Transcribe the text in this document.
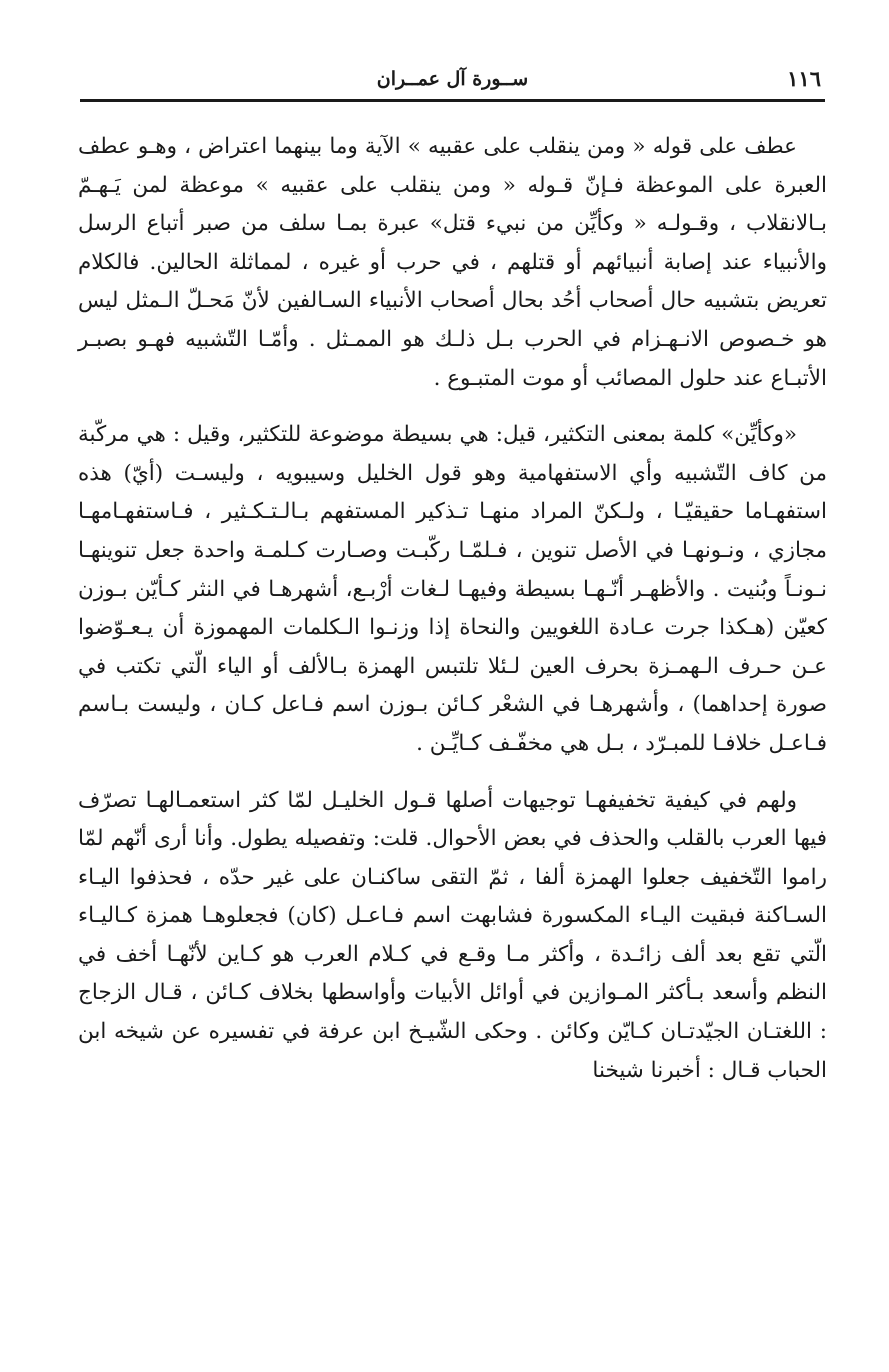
١١٦
ســورة آل عمــران

عطف على قوله « ومن ينقلب على عقبيه » الآية وما بينهما اعتراض ، وهـو عطف العبرة على الموعظة فـإنّ قـوله « ومن ينقلب على عقبيه » موعظة لمن يَـهـمّ بـالانقلاب ، وقـولـه « وكأيِّن من نبيء قتل» عبرة بمـا سلف من صبر أتباع الرسل والأنبياء عند إصابة أنبيائهم أو قتلهم ، في حرب أو غيره ، لمماثلة الحالين. فالكلام تعريض بتشبيه حال أصحاب أحُد بحال أصحاب الأنبياء السـالفين لأنّ مَحـلّ الـمثل ليس هو خـصوص الانـهـزام في الحرب بـل ذلـك هو الممـثل . وأمّـا التّشبيه فهـو بصبـر الأتبـاع عند حلول المصائب أو موت المتبـوع .

«وكأيِّن» كلمة بمعنى التكثير، قيل: هي بسيطة موضوعة للتكثير، وقيل : هي مركّبة من كاف التّشبيه وأي الاستفهامية وهو قول الخليل وسيبويه ، وليسـت (أيّ) هذه استفهـاما حقيقيّـا ، ولـكنّ المراد منهـا تـذكير المستفهم بـالـتـكـثير ، فـاستفهـامهـا مجازي ، ونـونهـا في الأصل تنوين ، فـلمّـا ركّبـت وصـارت كـلمـة واحدة جعل تنوينهـا نـونـاً وبُنيت . والأظهـر أنّـهـا بسيطة وفيهـا لـغات أرْبـع، أشهرهـا في النثر كـأيّن بـوزن كعيّن (هـكذا جرت عـادة اللغويين والنحاة إذا وزنـوا الـكلمات المهموزة أن يـعـوّضوا عـن حـرف الـهمـزة بحرف العين لـئلا تلتبس الهمزة بـالألف أو الياء الّتي تكتب في صورة إحداهما) ، وأشهرهـا في الشعْر كـائن بـوزن اسم فـاعل كـان ، وليست بـاسم فـاعـل خلافـا للمبـرّد ، بـل هي مخفّـف كـايِّـن .

ولهم في كيفية تخفيفهـا توجيهات أصلها قـول الخليـل لمّا كثر استعمـالهـا تصرّف فيها العرب بالقلب والحذف في بعض الأحوال. قلت: وتفصيله يطول. وأنا أرى أنّهم لمّا راموا التّخفيف جعلوا الهمزة ألفا ، ثمّ التقى ساكنـان على غير حدّه ، فحذفوا اليـاء السـاكنة فبقيت اليـاء المكسورة فشابهت اسم فـاعـل (كان) فجعلوهـا همزة كـاليـاء الّتي تقع بعد ألف زائـدة ، وأكثر مـا وقـع في كـلام العرب هو كـاين لأنّهـا أخف في النظم وأسعد بـأكثر المـوازين في أوائل الأبيات وأواسطها بخلاف كـائن ، قـال الزجاج : اللغتـان الجيّدتـان كـايّن وكائن . وحكى الشّيـخ ابن عرفة في تفسيره عن شيخه ابن الحباب قـال : أخبرنا شيخنا
